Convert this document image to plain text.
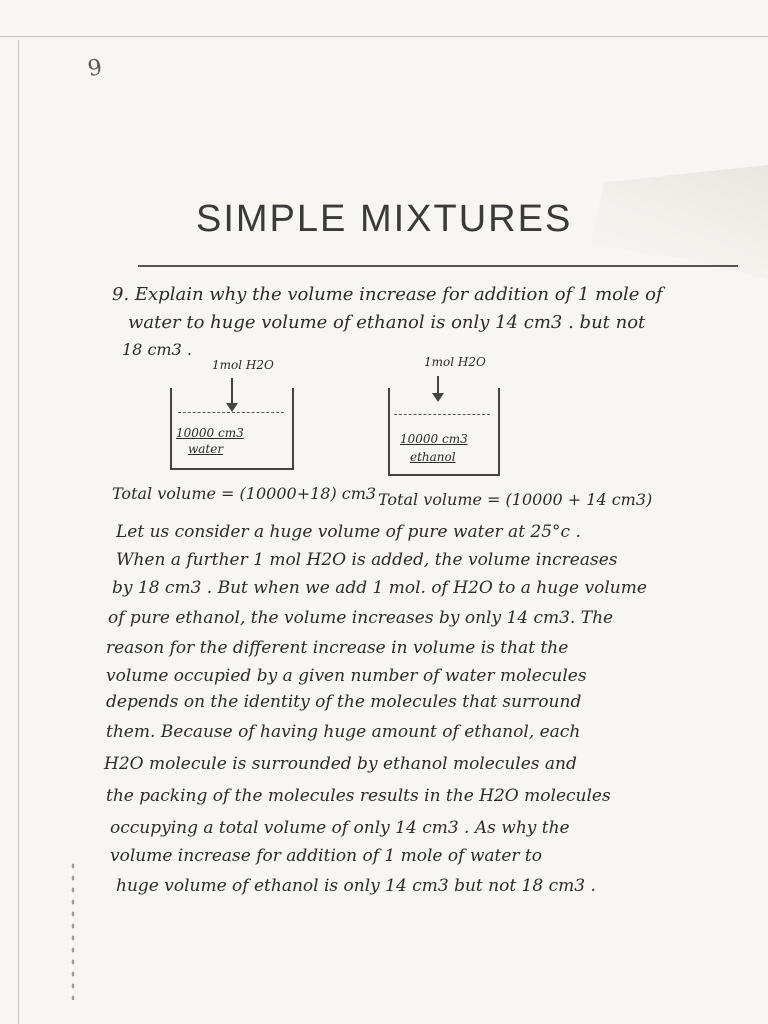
9
SIMPLE MIXTURES
9. Explain why the volume increase for addition of 1 mole of
water to huge volume of ethanol is only 14 cm3 . but not
18 cm3 .
1mol H2O
10000 cm3
water
1mol H2O
10000 cm3
ethanol
Total volume = (10000+18) cm3 Total volume = (10000 + 14 cm3)
Let us consider a huge volume of pure water at 25°c .
When a further 1 mol H2O is added, the volume increases
by 18 cm3 . But when we add 1 mol. of H2O to a huge volume
of pure ethanol, the volume increases by only 14 cm3. The
reason for the different increase in volume is that the
volume occupied by a given number of water molecules
depends on the identity of the molecules that surround
them. Because of having huge amount of ethanol, each
H2O molecule is surrounded by ethanol molecules and
the packing of the molecules results in the H2O molecules
occupying a total volume of only 14 cm3 . As why the
volume increase for addition of 1 mole of water to
huge volume of ethanol is only 14 cm3 but not 18 cm3 .
